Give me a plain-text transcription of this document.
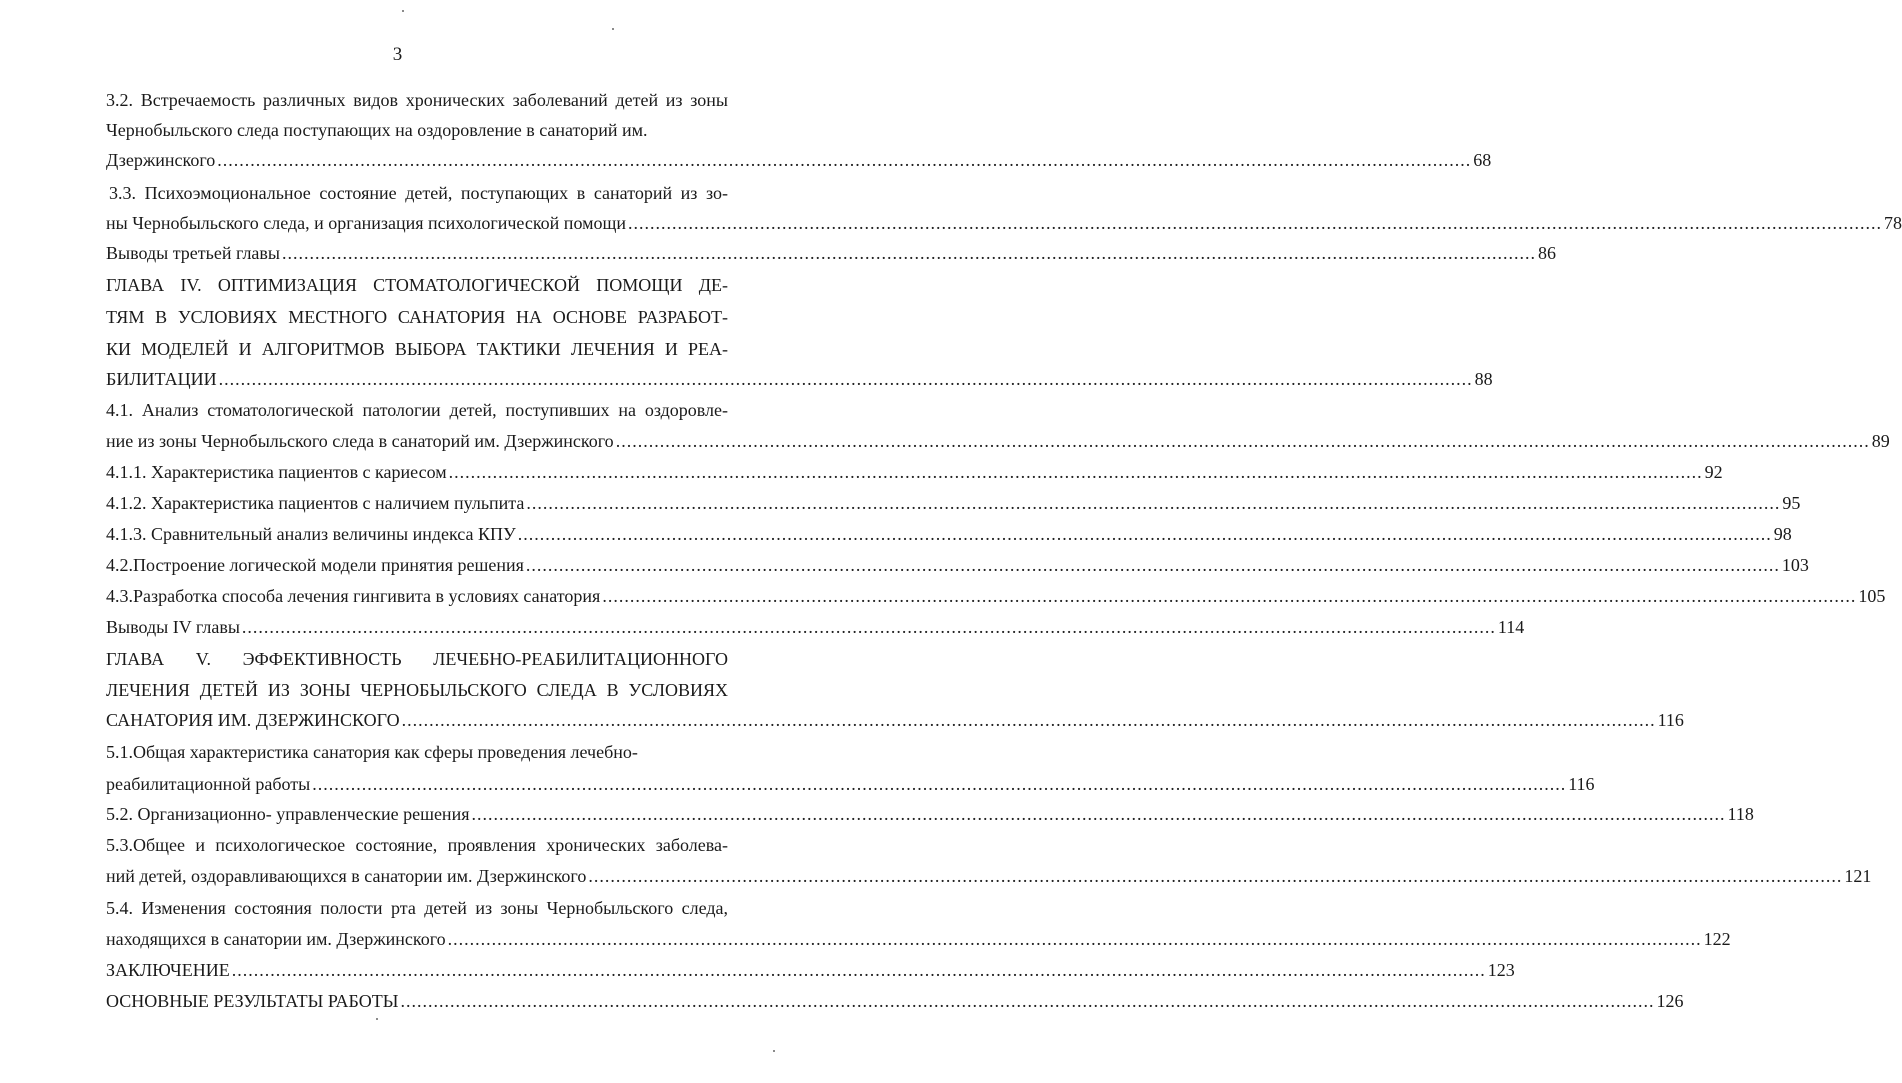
3
3.2. Встречаемость различных видов хронических заболеваний детей из зоны
Чернобыльского следа поступающих на оздоровление в санаторий им.
Дзержинского .................................................................................................................................................................................................................................... 68
3.3. Психоэмоциональное состояние детей, поступающих в санаторий из зо-
ны Чернобыльского следа, и организация психологической помощи .................................................................................................................................................................................................................................... 78
Выводы третьей главы .................................................................................................................................................................................................................................... 86
ГЛАВА IV. ОПТИМИЗАЦИЯ СТОМАТОЛОГИЧЕСКОЙ ПОМОЩИ ДЕ-
ТЯМ В УСЛОВИЯХ МЕСТНОГО САНАТОРИЯ НА ОСНОВЕ РАЗРАБОТ-
КИ МОДЕЛЕЙ И АЛГОРИТМОВ ВЫБОРА ТАКТИКИ ЛЕЧЕНИЯ И РЕА-
БИЛИТАЦИИ .................................................................................................................................................................................................................................... 88
4.1. Анализ стоматологической патологии детей, поступивших на оздоровле-
ние из зоны Чернобыльского следа в санаторий им. Дзержинского .................................................................................................................................................................................................................................... 89
4.1.1. Характеристика пациентов с кариесом .................................................................................................................................................................................................................................... 92
4.1.2. Характеристика пациентов с наличием пульпита .................................................................................................................................................................................................................................... 95
4.1.3. Сравнительный анализ величины индекса КПУ .................................................................................................................................................................................................................................... 98
4.2.Построение логической модели принятия решения .................................................................................................................................................................................................................................... 103
4.3.Разработка способа лечения гингивита в условиях санатория .................................................................................................................................................................................................................................... 105
Выводы IV главы .................................................................................................................................................................................................................................... 114
ГЛАВА V. ЭФФЕКТИВНОСТЬ ЛЕЧЕБНО-РЕАБИЛИТАЦИОННОГО
ЛЕЧЕНИЯ ДЕТЕЙ ИЗ ЗОНЫ ЧЕРНОБЫЛЬСКОГО СЛЕДА В УСЛОВИЯХ
САНАТОРИЯ ИМ. ДЗЕРЖИНСКОГО .................................................................................................................................................................................................................................... 116
5.1.Общая характеристика санатория как сферы проведения лечебно-
реабилитационной работы .................................................................................................................................................................................................................................... 116
5.2. Организационно- управленческие решения .................................................................................................................................................................................................................................... 118
5.3.Общее и психологическое состояние, проявления хронических заболева-
ний детей, оздоравливающихся в санатории им. Дзержинского .................................................................................................................................................................................................................................... 121
5.4. Изменения состояния полости рта детей из зоны Чернобыльского следа,
находящихся в санатории им. Дзержинского .................................................................................................................................................................................................................................... 122
ЗАКЛЮЧЕНИЕ .................................................................................................................................................................................................................................... 123
ОСНОВНЫЕ РЕЗУЛЬТАТЫ РАБОТЫ .................................................................................................................................................................................................................................... 126
